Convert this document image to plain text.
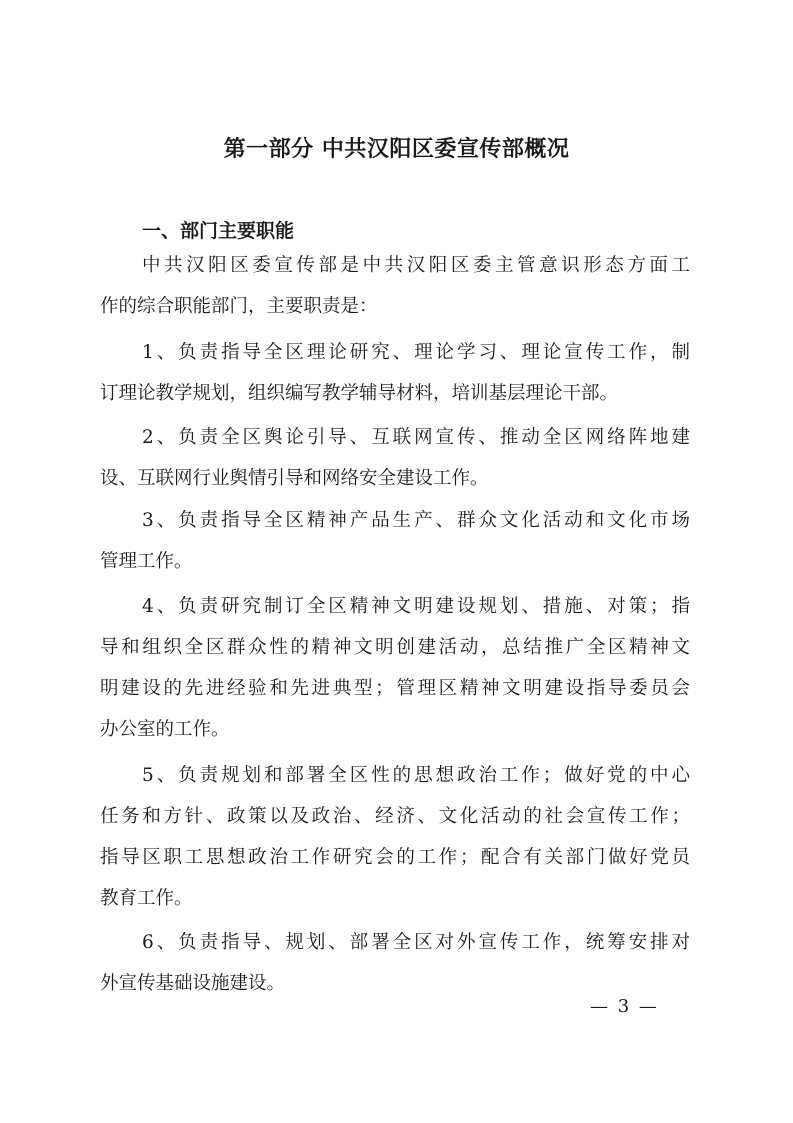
第一部分 中共汉阳区委宣传部概况
一、部门主要职能
中共汉阳区委宣传部是中共汉阳区委主管意识形态方面工
作的综合职能部门，主要职责是：
1、负责指导全区理论研究、理论学习、理论宣传工作，制
订理论教学规划，组织编写教学辅导材料，培训基层理论干部。
2、负责全区舆论引导、互联网宣传、推动全区网络阵地建
设、互联网行业舆情引导和网络安全建设工作。
3、负责指导全区精神产品生产、群众文化活动和文化市场
管理工作。
4、负责研究制订全区精神文明建设规划、措施、对策；指
导和组织全区群众性的精神文明创建活动，总结推广全区精神文
明建设的先进经验和先进典型；管理区精神文明建设指导委员会
办公室的工作。
5、负责规划和部署全区性的思想政治工作；做好党的中心
任务和方针、政策以及政治、经济、文化活动的社会宣传工作；
指导区职工思想政治工作研究会的工作；配合有关部门做好党员
教育工作。
6、负责指导、规划、部署全区对外宣传工作，统筹安排对
外宣传基础设施建设。
— 3 —
